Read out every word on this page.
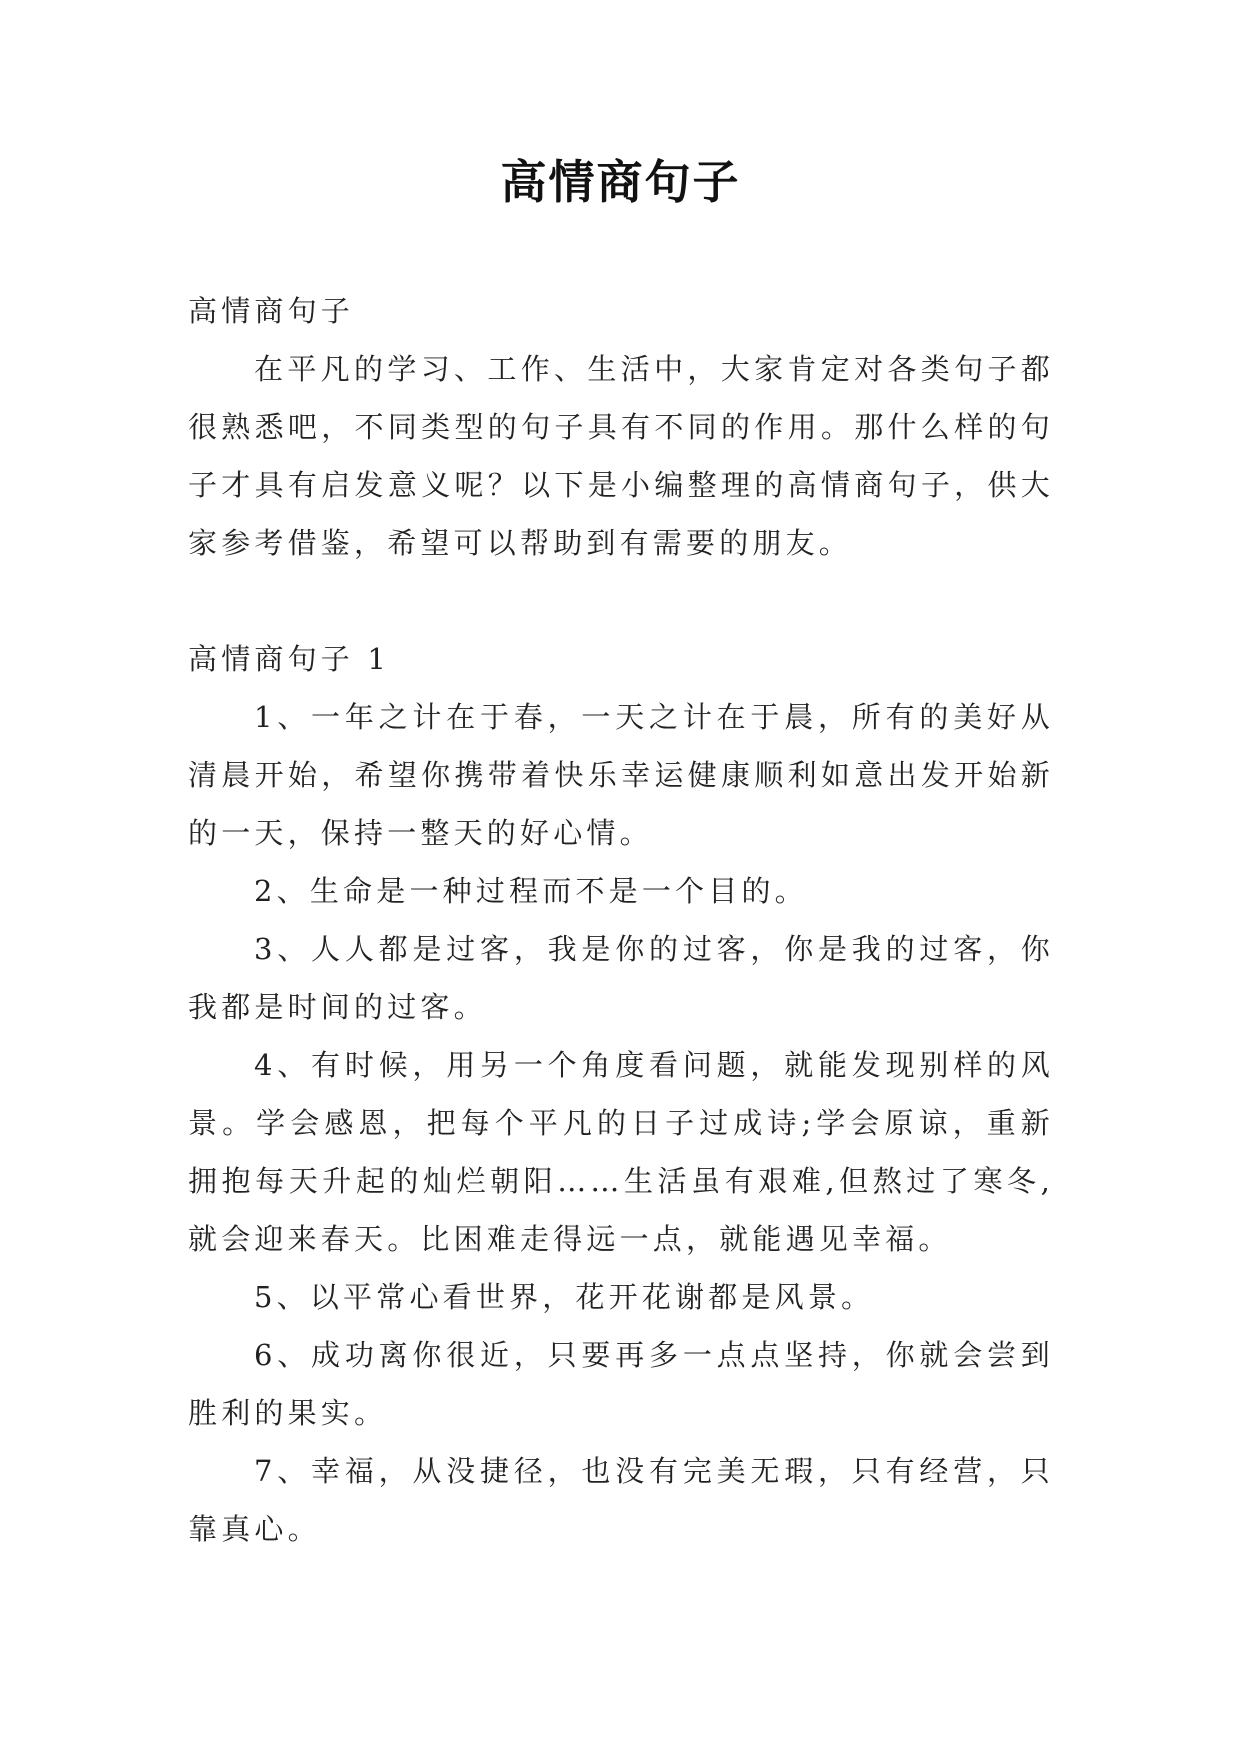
高情商句子

高情商句子

在平凡的学习、工作、生活中，大家肯定对各类句子都很熟悉吧，不同类型的句子具有不同的作用。那什么样的句子才具有启发意义呢？以下是小编整理的高情商句子，供大家参考借鉴，希望可以帮助到有需要的朋友。

高情商句子 1

1、一年之计在于春，一天之计在于晨，所有的美好从清晨开始，希望你携带着快乐幸运健康顺利如意出发开始新的一天，保持一整天的好心情。

2、生命是一种过程而不是一个目的。

3、人人都是过客，我是你的过客，你是我的过客，你我都是时间的过客。

4、有时候，用另一个角度看问题，就能发现别样的风景。学会感恩，把每个平凡的日子过成诗;学会原谅，重新拥抱每天升起的灿烂朝阳……生活虽有艰难,但熬过了寒冬,就会迎来春天。比困难走得远一点，就能遇见幸福。

5、以平常心看世界，花开花谢都是风景。

6、成功离你很近，只要再多一点点坚持，你就会尝到胜利的果实。

7、幸福，从没捷径，也没有完美无瑕，只有经营，只靠真心。
